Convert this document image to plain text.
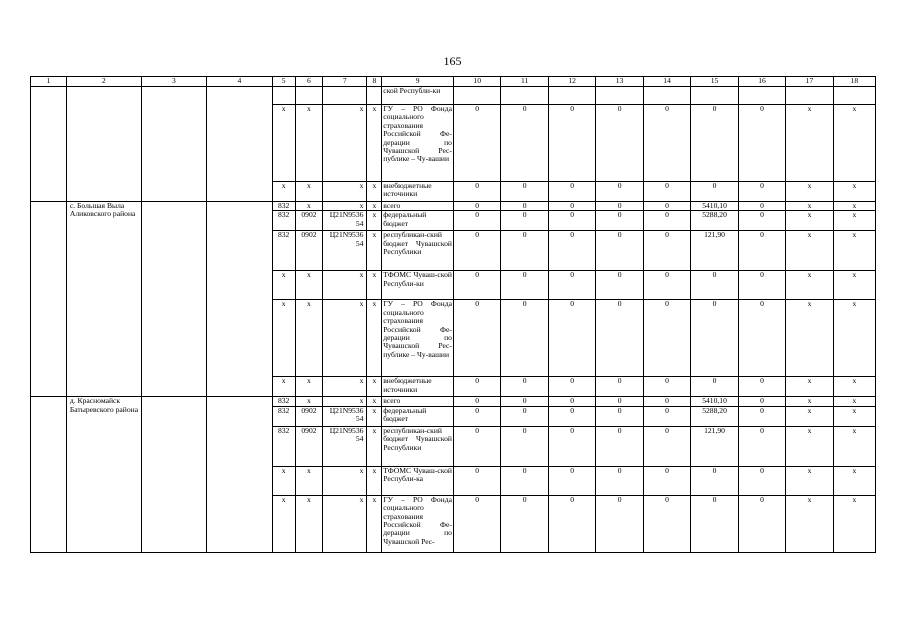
165
1	2	3	4	5	6	7	8	9	10	11	12	13	14	15	16	17	18
								ской Республи-ки									
				x	x	x	x	ГУ – РО Фонда социального страхования Российской Фе-дерации по Чувашской Рес-публике – Чу-вашии	0	0	0	0	0	0	0	x	x
				x	x	x	x	внебюджетные источники	0	0	0	0	0	0	0	x	x
	с. Большая Выла Аликовского района			832	x	x	x	всего	0	0	0	0	0	5410,10	0	x	x
				832	0902	Ц21N9536 54	x	федеральный бюджет	0	0	0	0	0	5288,20	0	x	x
				832	0902	Ц21N9536 54	x	республикан-ский бюджет Чувашской Республики	0	0	0	0	0	121,90	0	x	x
				x	x	x	x	ТФОМС Чуваш-ской Республи-ки	0	0	0	0	0	0	0	x	x
				x	x	x	x	ГУ – РО Фонда социального страхования Российской Фе-дерации по Чувашской Рес-публике – Чу-вашии	0	0	0	0	0	0	0	x	x
				x	x	x	x	внебюджетные источники	0	0	0	0	0	0	0	x	x
	д. Красномайск Батыревского района			832	x	x	x	всего	0	0	0	0	0	5410,10	0	x	x
				832	0902	Ц21N9536 54	x	федеральный бюджет	0	0	0	0	0	5288,20	0	x	x
				832	0902	Ц21N9536 54	x	республикан-ский бюджет Чувашской Республики	0	0	0	0	0	121,90	0	x	x
				x	x	x	x	ТФОМС Чуваш-ской Республи-ка	0	0	0	0	0	0	0	x	x
				x	x	x	x	ГУ – РО Фонда социального страхования Российской Фе-дерации по Чувашской Рес-	0	0	0	0	0	0	0	x	x
